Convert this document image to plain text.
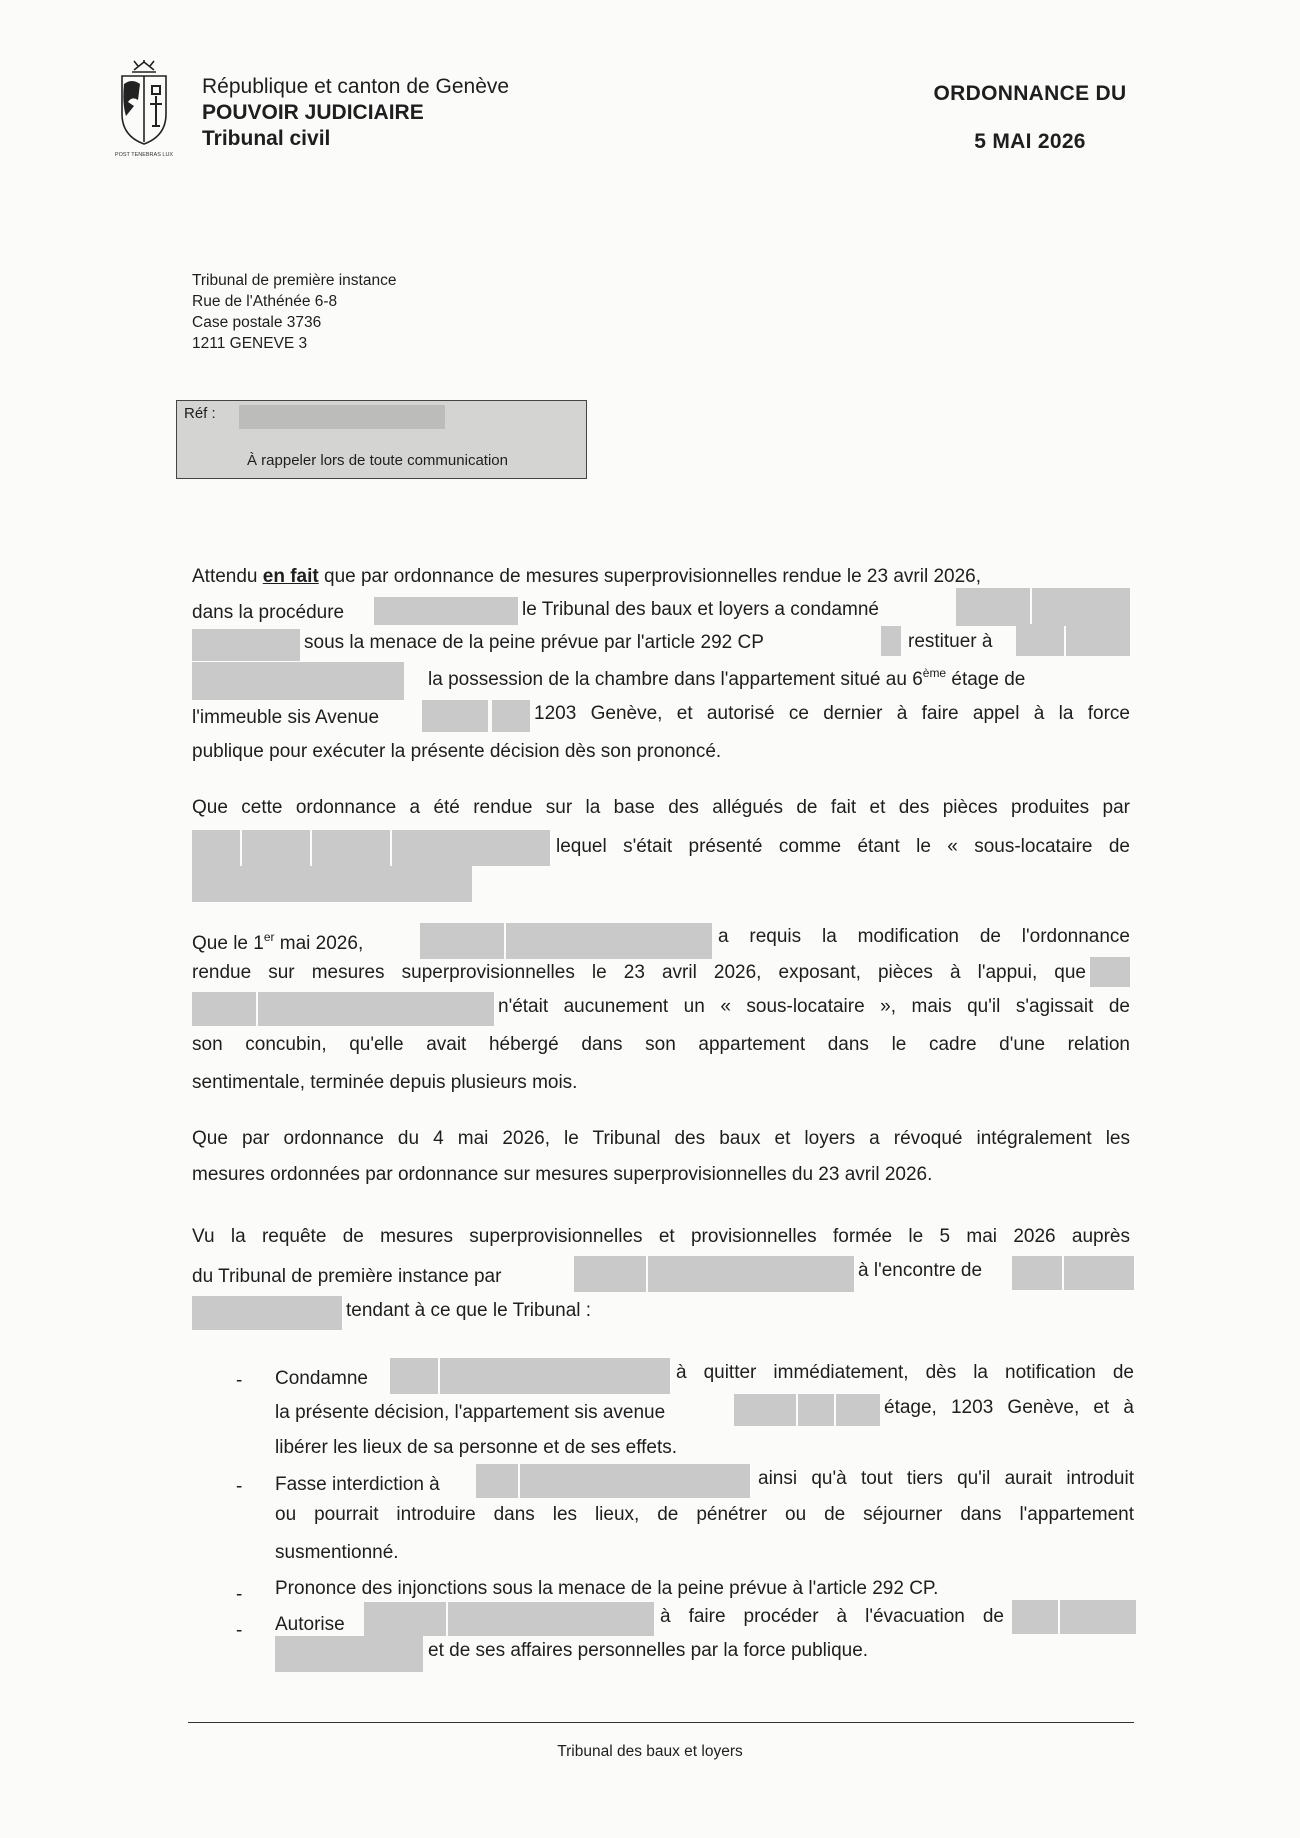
POST TENEBRAS LUX
République et canton de Genève
POUVOIR JUDICIAIRE
Tribunal civil
ORDONNANCE DU
5 MAI 2026
Tribunal de première instance
Rue de l'Athénée 6-8
Case postale 3736
1211 GENEVE 3
Réf :
À rappeler lors de toute communication
Attendu en fait que par ordonnance de mesures superprovisionnelles rendue le 23 avril 2026,
dans la procédure	le Tribunal des baux et loyers a condamné
sous la menace de la peine prévue par l'article 292 CP	restituer à
la possession de la chambre dans l'appartement situé au 6ème étage de
l'immeuble sis Avenue	1203 Genève, et autorisé ce dernier à faire appel à la force
publique pour exécuter la présente décision dès son prononcé.
Que cette ordonnance a été rendue sur la base des allégués de fait et des pièces produites par
lequel s'était présenté comme étant le « sous-locataire de
Que le 1er mai 2026,	a requis la modification de l'ordonnance
rendue sur mesures superprovisionnelles le 23 avril 2026, exposant, pièces à l'appui, que
n'était aucunement un « sous-locataire », mais qu'il s'agissait de
son concubin, qu'elle avait hébergé dans son appartement dans le cadre d'une relation
sentimentale, terminée depuis plusieurs mois.
Que par ordonnance du 4 mai 2026, le Tribunal des baux et loyers a révoqué intégralement les
mesures ordonnées par ordonnance sur mesures superprovisionnelles du 23 avril 2026.
Vu la requête de mesures superprovisionnelles et provisionnelles formée le 5 mai 2026 auprès
du Tribunal de première instance par	à l'encontre de
tendant à ce que le Tribunal :
- Condamne	à quitter immédiatement, dès la notification de
la présente décision, l'appartement sis avenue	étage, 1203 Genève, et à
libérer les lieux de sa personne et de ses effets.
- Fasse interdiction à	ainsi qu'à tout tiers qu'il aurait introduit
ou pourrait introduire dans les lieux, de pénétrer ou de séjourner dans l'appartement
susmentionné.
- Prononce des injonctions sous la menace de la peine prévue à l'article 292 CP.
- Autorise	à faire procéder à l'évacuation de
et de ses affaires personnelles par la force publique.
Tribunal des baux et loyers
